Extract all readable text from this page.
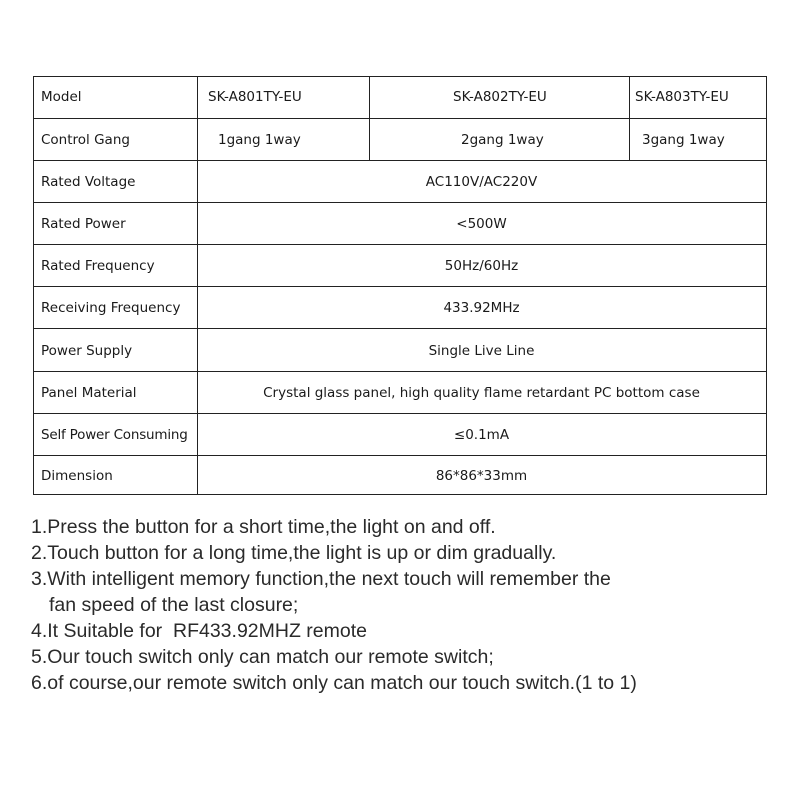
Model	SK-A801TY-EU	SK-A802TY-EU	SK-A803TY-EU
Control Gang	1gang 1way	2gang 1way	3gang 1way
Rated Voltage	AC110V/AC220V
Rated Power	<500W
Rated Frequency	50Hz/60Hz
Receiving Frequency	433.92MHz
Power Supply	Single Live Line
Panel Material	Crystal glass panel, high quality flame retardant PC bottom case
Self Power Consuming	≤0.1mA
Dimension	86*86*33mm
1.Press the button for a short time,the light on and off.
2.Touch button for a long time,the light is up or dim gradually.
3.With intelligent memory function,the next touch will remember the
fan speed of the last closure;
4.It Suitable for  RF433.92MHZ remote
5.Our touch switch only can match our remote switch;
6.of course,our remote switch only can match our touch switch.(1 to 1)
